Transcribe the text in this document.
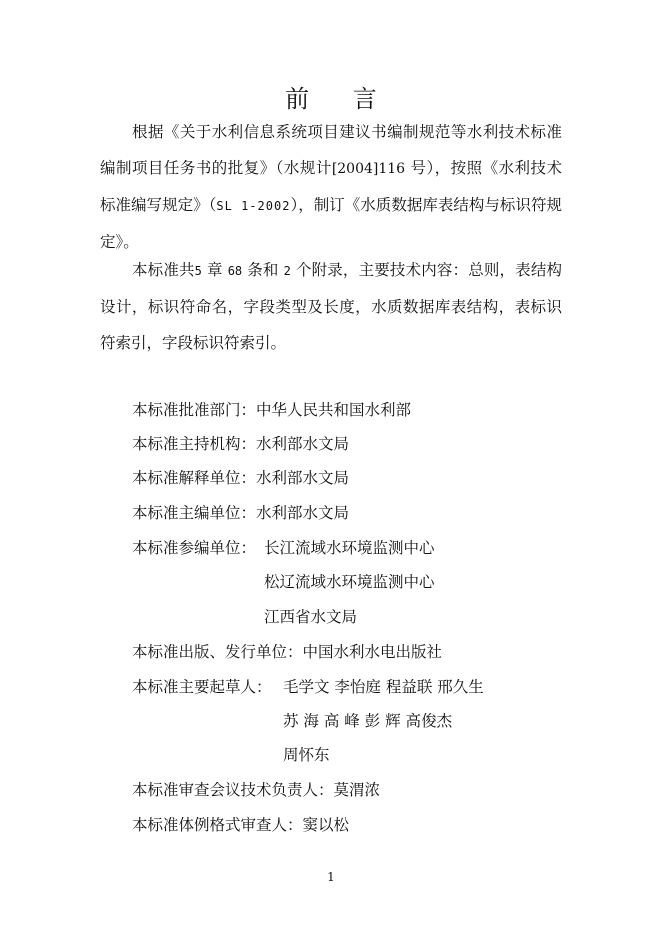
前 言
根据《关于水利信息系统项目建议书编制规范等水利技术标准编制项目任务书的批复》（水规计[2004]116 号），按照《水利技术标准编写规定》（SL 1-2002），制订《水质数据库表结构与标识符规定》。
本标准共5 章 68 条和 2 个附录，主要技术内容：总则，表结构设计，标识符命名，字段类型及长度，水质数据库表结构，表标识符索引，字段标识符索引。
本标准批准部门：中华人民共和国水利部
本标准主持机构：水利部水文局
本标准解释单位：水利部水文局
本标准主编单位：水利部水文局
本标准参编单位： 长江流域水环境监测中心
松辽流域水环境监测中心
江西省水文局
本标准出版、发行单位：中国水利水电出版社
本标准主要起草人： 毛学文 李怡庭 程益联 邢久生
苏 海 高 峰 彭 辉 高俊杰
周怀东
本标准审查会议技术负责人：莫渭浓
本标准体例格式审查人：窦以松
1
